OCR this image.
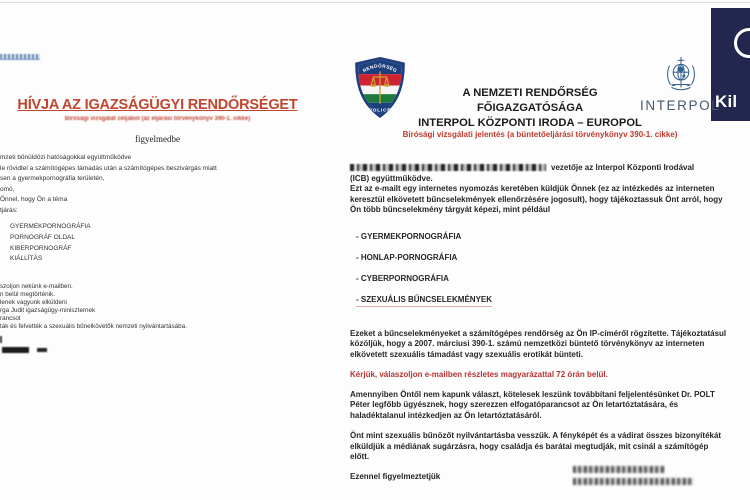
Kil
HÍVJA AZ IGAZSÁGÜGYI RENDŐRSÉGET
Bírósági vizsgálat céljából (az eljárási törvénykönyv 390-1. cikke)
figyelmedbe
mzeti bűnüldözi hatóságokkal együttműködve
le rövidtel a számítógépes támadás után a számítógépes beszivárgás miatt
sen a gyermekpornográfia területén,
omó,
Önnel, hogy Ön a téma
tjárás:
GYERMEKPORNOGRÁFIA
PORNOGRÁF OLDAL
KIBERPORNOGRÁF
KIÁLLÍTÁS
szoljon nekünk e-mailben.
n belül megtörténik.
lenek vagyunk elküldeni
rga Judit igazságügy-miniszternek
rancsot
ták és felvették a szexuális bűnelkövetők nemzeti nyilvántartásába.
RENDŐRSÉG
POLICE
A NEMZETI RENDŐRSÉG FŐIGAZGATÓSÁGA
INTERPOL KÖZPONTI IRODA – EUROPOL
INTERPOL
Bírósági vizsgálati jelentés (a büntetőeljárási törvénykönyv 390-1. cikke)
vezetője az Interpol Központi Irodával
(ICB) együttműködve.
Ezt az e-mailt egy internetes nyomozás keretében küldjük Önnek (ez az intézkedés az interneten keresztül elkövetett bűncselekmények ellenőrzésére jogosult), hogy tájékoztassuk Önt arról, hogy Ön több bűncselekmény tárgyát képezi, mint például
- GYERMEKPORNOGRÁFIA
- HONLAP-PORNOGRÁFIA
- CYBERPORNOGRÁFIA
- SZEXUÁLIS BŰNCSELEKMÉNYEK
Ezeket a bűncselekményeket a számítógépes rendőrség az Ön IP-címéről rögzítette. Tájékoztatásul közöljük, hogy a 2007. márciusi 390-1. számú nemzetközi büntető törvénykönyv az interneten elkövetett szexuális támadást vagy szexuális erotikát bünteti.
Kérjük, válaszoljon e-mailben részletes magyarázattal 72 órán belül.
Amennyiben Öntől nem kapunk választ, kötelesek leszünk továbbítani feljelentésünket Dr. POLT Péter legfőbb ügyésznek, hogy szerezzen elfogatóparancsot az Ön letartóztatására, és haladéktalanul intézkedjen az Ön letartóztatásáról.
Önt mint szexuális bűnözőt nyilvántartásba vesszük. A fényképét és a vádirat összes bizonyítékát elküldjük a médiának sugárzásra, hogy családja és barátai megtudják, mit csinál a számítógép előtt.
Ezennel figyelmeztetjük
